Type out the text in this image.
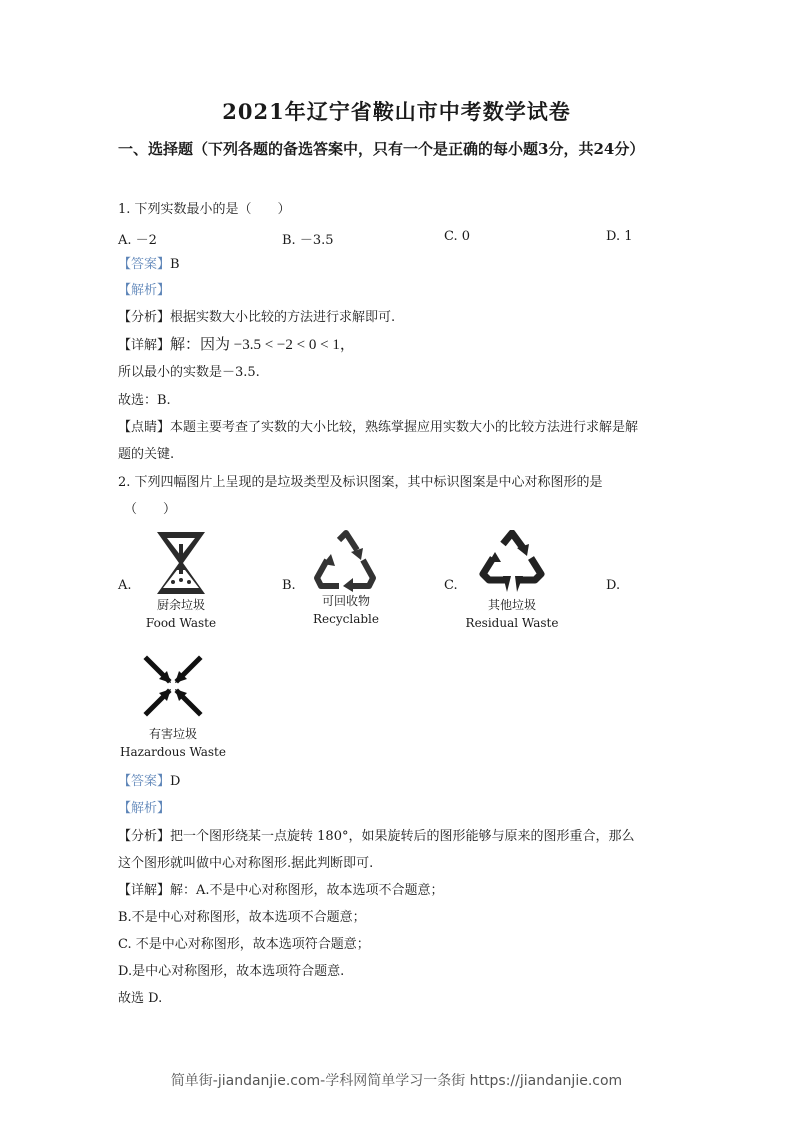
2021年辽宁省鞍山市中考数学试卷
一、选择题（下列各题的备选答案中，只有一个是正确的每小题3分，共24分）
1. 下列实数最小的是（　　）
A. －2	B. －3.5	C. 0	D. 1
【答案】B
【解析】
【分析】根据实数大小比较的方法进行求解即可.
【详解】解：因为 −3.5 < −2 < 0 < 1，
所以最小的实数是－3.5.
故选：B.
【点睛】本题主要考查了实数的大小比较，熟练掌握应用实数大小的比较方法进行求解是解
题的关键.
2. 下列四幅图片上呈现的是垃圾类型及标识图案，其中标识图案是中心对称图形的是
（　　）
A.
厨余垃圾
Food Waste
B.
可回收物
Recyclable
C.
其他垃圾
Residual Waste
D.
有害垃圾
Hazardous Waste
【答案】D
【解析】
【分析】把一个图形绕某一点旋转 180°，如果旋转后的图形能够与原来的图形重合，那么
这个图形就叫做中心对称图形.据此判断即可.
【详解】解：A.不是中心对称图形，故本选项不合题意；
B.不是中心对称图形，故本选项不合题意；
C. 不是中心对称图形，故本选项符合题意；
D.是中心对称图形，故本选项符合题意.
故选 D.
简单街-jiandanjie.com-学科网简单学习一条街 https://jiandanjie.com
